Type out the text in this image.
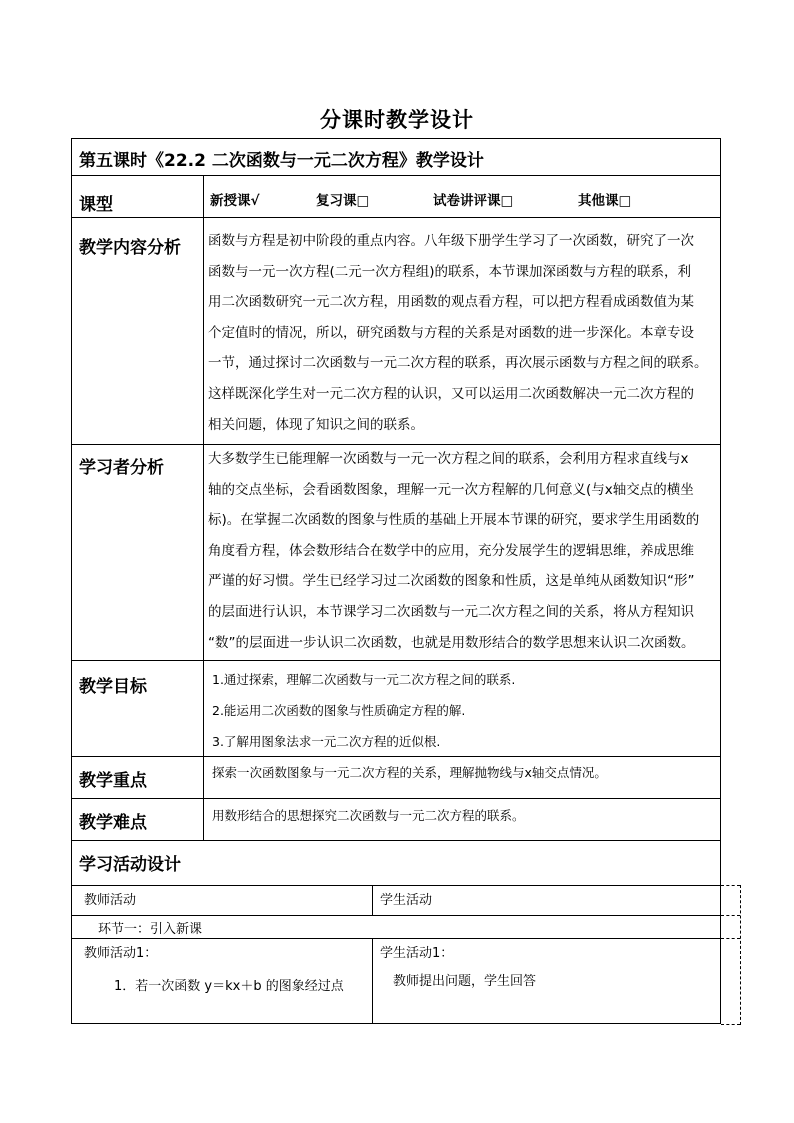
分课时教学设计
第五课时《22.2 二次函数与一元二次方程》教学设计
课型	新授课√	复习课□	试卷讲评课□	其他课□
教学内容分析 函数与方程是初中阶段的重点内容。八年级下册学生学习了一次函数，研究了一次
函数与一元一次方程(二元一次方程组)的联系，本节课加深函数与方程的联系，利
用二次函数研究一元二次方程，用函数的观点看方程，可以把方程看成函数值为某
个定值时的情况，所以，研究函数与方程的关系是对函数的进一步深化。本章专设
一节，通过探讨二次函数与一元二次方程的联系，再次展示函数与方程之间的联系。
这样既深化学生对一元二次方程的认识，又可以运用二次函数解决一元二次方程的
相关问题，体现了知识之间的联系。
学习者分析	大多数学生已能理解一次函数与一元一次方程之间的联系，会利用方程求直线与x
轴的交点坐标，会看函数图象，理解一元一次方程解的几何意义(与x轴交点的横坐
标)。在掌握二次函数的图象与性质的基础上开展本节课的研究，要求学生用函数的
角度看方程，体会数形结合在数学中的应用，充分发展学生的逻辑思维，养成思维
严谨的好习惯。学生已经学习过二次函数的图象和性质，这是单纯从函数知识“形”
的层面进行认识，本节课学习二次函数与一元二次方程之间的关系，将从方程知识
“数”的层面进一步认识二次函数，也就是用数形结合的数学思想来认识二次函数。
教学目标	1.通过探索，理解二次函数与一元二次方程之间的联系.
2.能运用二次函数的图象与性质确定方程的解.
3.了解用图象法求一元二次方程的近似根.
教学重点	探索一次函数图象与一元二次方程的关系，理解抛物线与x轴交点情况。
教学难点	用数形结合的思想探究二次函数与一元二次方程的联系。
学习活动设计
教师活动	学生活动
环节一：引入新课
教师活动1：	学生活动1：
1．若一次函数 y＝kx＋b 的图象经过点	教师提出问题，学生回答
